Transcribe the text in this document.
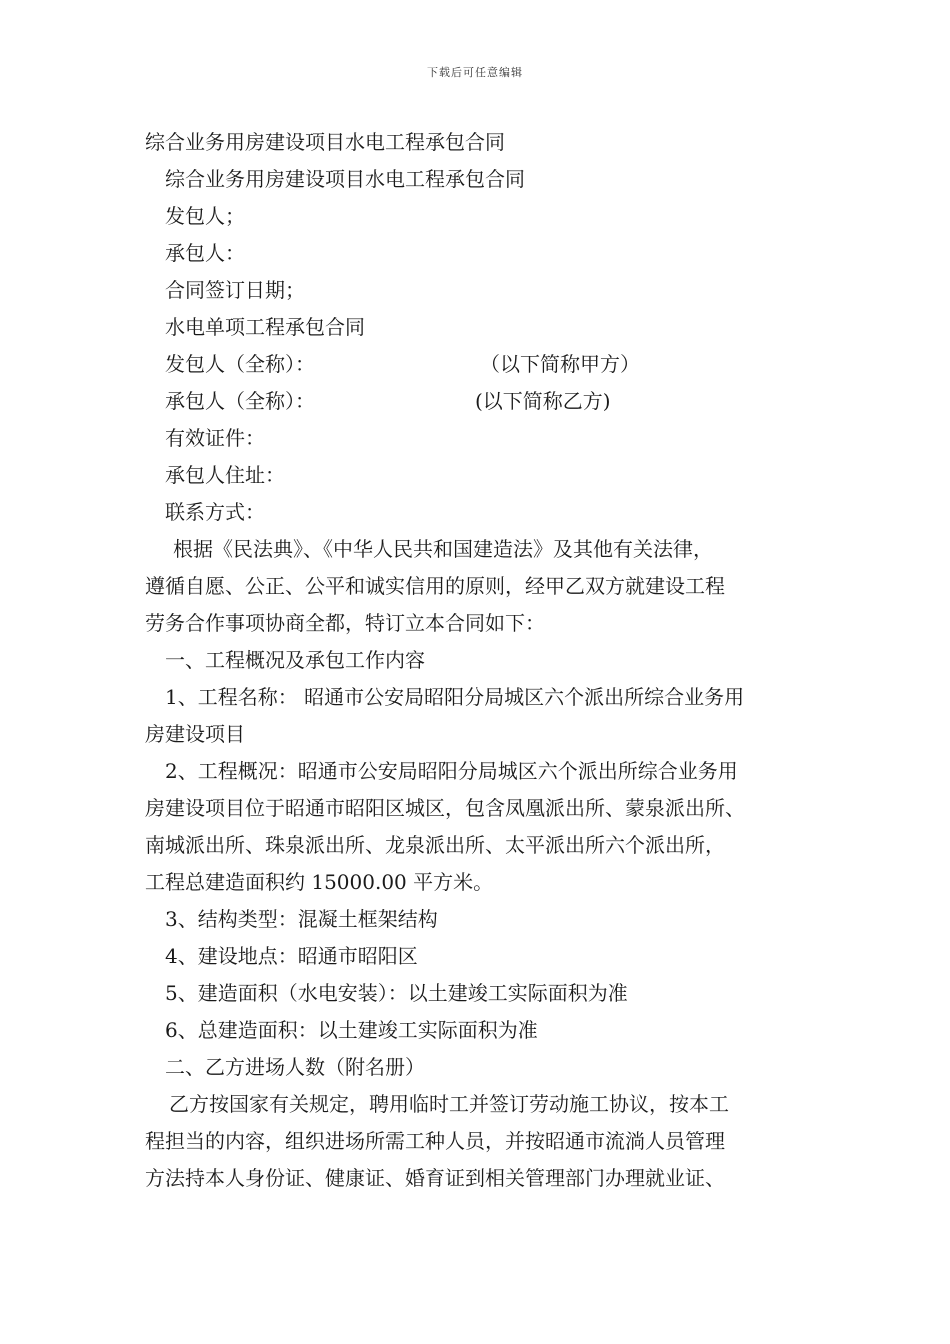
下载后可任意编辑
综合业务用房建设项目水电工程承包合同
综合业务用房建设项目水电工程承包合同
发包人；
承包人：
合同签订日期；
水电单项工程承包合同
发包人（全称）：	（以下简称甲方）
承包人（全称）：	(以下简称乙方)
有效证件：
承包人住址：
联系方式：
根据《民法典》、《中华人民共和国建造法》及其他有关法律，
遵循自愿、公正、公平和诚实信用的原则，经甲乙双方就建设工程
劳务合作事项协商全都，特订立本合同如下：
一、工程概况及承包工作内容
1、工程名称： 昭通市公安局昭阳分局城区六个派出所综合业务用
房建设项目
2、工程概况：昭通市公安局昭阳分局城区六个派出所综合业务用
房建设项目位于昭通市昭阳区城区，包含凤凰派出所、蒙泉派出所、
南城派出所、珠泉派出所、龙泉派出所、太平派出所六个派出所，
工程总建造面积约 15000.00 平方米。
3、结构类型：混凝土框架结构
4、建设地点：昭通市昭阳区
5、建造面积（水电安装）：以土建竣工实际面积为准
6、总建造面积：以土建竣工实际面积为准
二、乙方进场人数（附名册）
乙方按国家有关规定，聘用临时工并签订劳动施工协议，按本工
程担当的内容，组织进场所需工种人员，并按昭通市流淌人员管理
方法持本人身份证、健康证、婚育证到相关管理部门办理就业证、
